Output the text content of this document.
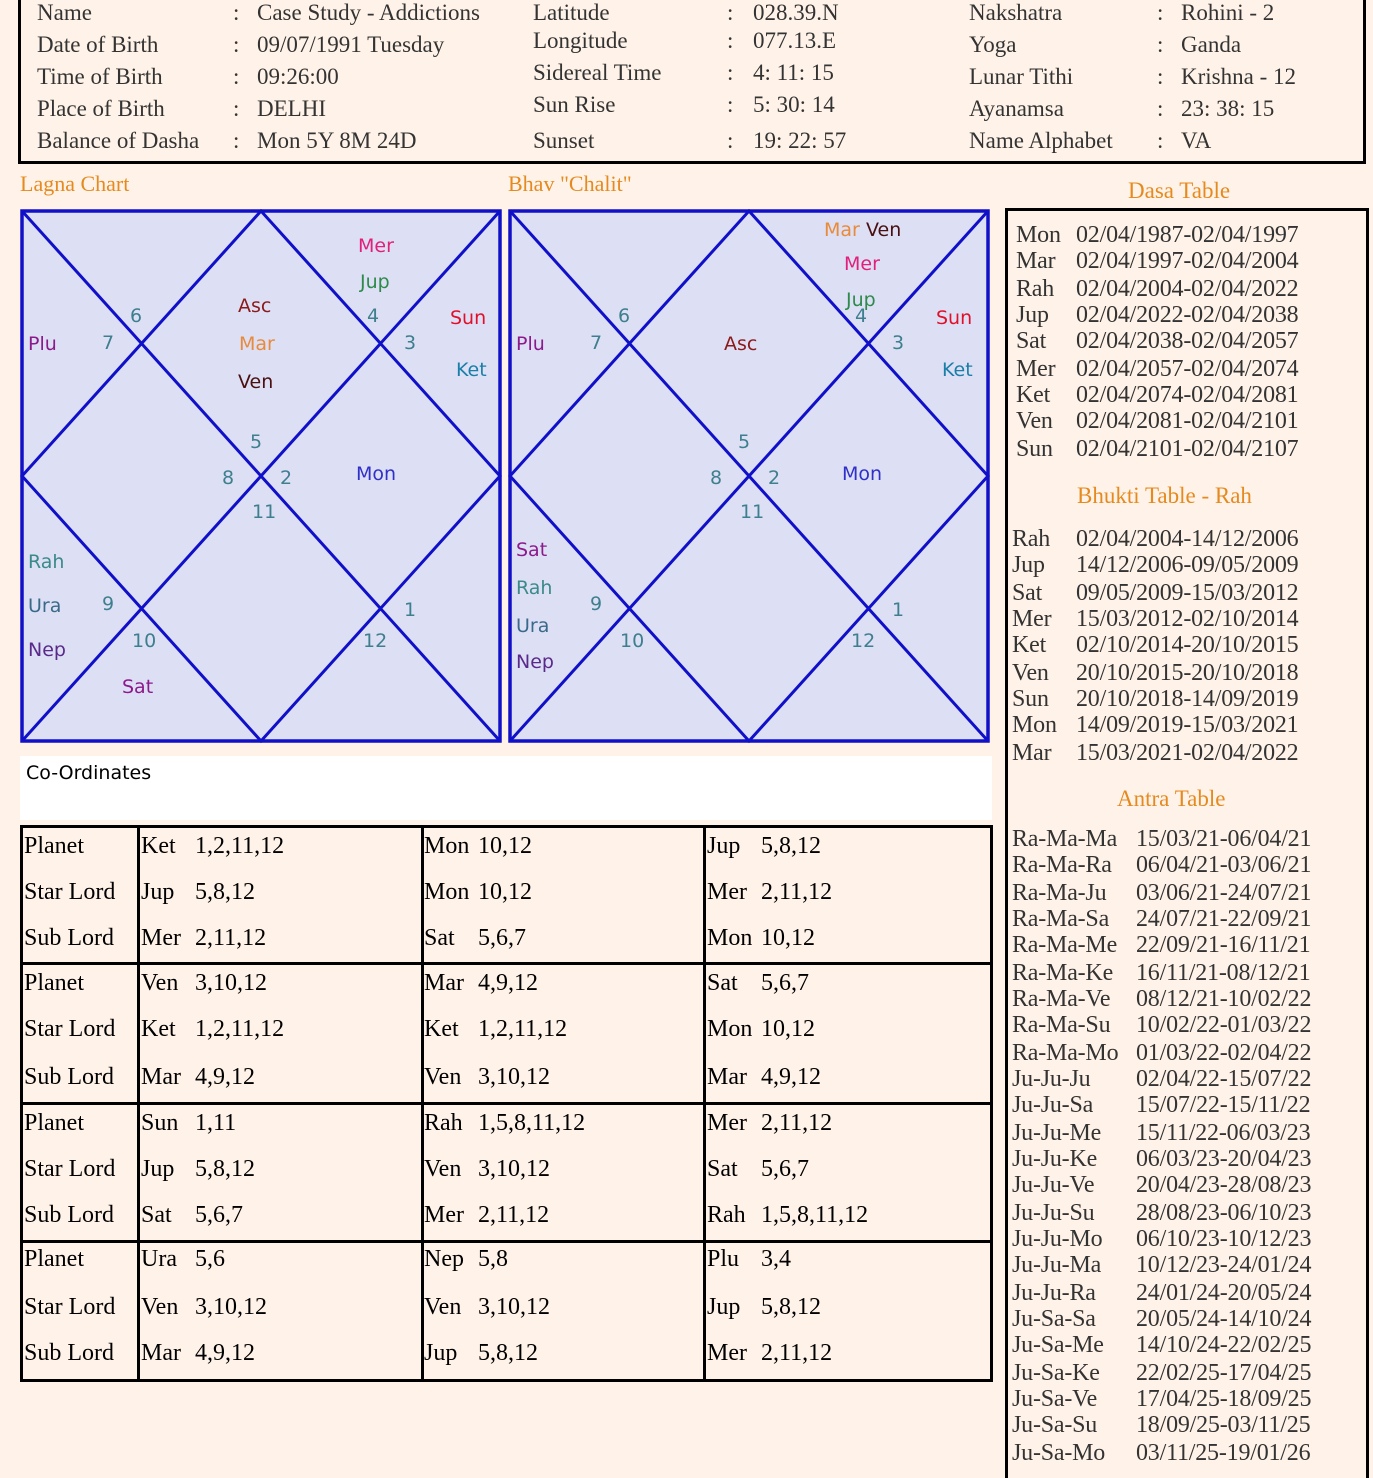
Name	: Case Study - Addictions
Date of Birth	: 09/07/1991 Tuesday
Time of Birth	: 09:26:00
Place of Birth	: DELHI
Balance of Dasha : Mon 5Y 8M 24D
Latitude	: 028.39.N
Longitude	: 077.13.E
Sidereal Time	: 4: 11: 15
Sun Rise	: 5: 30: 14
Sunset	: 19: 22: 57
Nakshatra	: Rohini - 2
Yoga	: Ganda
Lunar Tithi	: Krishna - 12
Ayanamsa	: 23: 38: 15
Name Alphabet : VA
Lagna Chart	Bhav "Chalit"
6
7
4
3
5
8 2
11
9
10	12
1
Mer
Jup
Asc
Mar
Ven
Sun
Ket
Plu
Mon
Rah
Ura
Nep
Sat
6
7
4
3
5
8 2
11
9
10	12
1
Mar Ven
Mer
Jup
Asc
Sun
Ket
Plu
Mon
Sat
Rah
Ura
Nep
Co-Ordinates
Planet Ket 1,2,11,12	Mon 10,12	Jup 5,8,12
Star Lord Jup 5,8,12	Mon 10,12	Mer 2,11,12
Sub Lord Mer 2,11,12	Sat 5,6,7	Mon 10,12
Planet Ven 3,10,12	Mar 4,9,12	Sat 5,6,7
Star Lord Ket 1,2,11,12	Ket 1,2,11,12	Mon 10,12
Sub Lord Mar 4,9,12	Ven 3,10,12	Mar 4,9,12
Planet Sun 1,11	Rah 1,5,8,11,12	Mer 2,11,12
Star Lord Jup 5,8,12	Ven 3,10,12	Sat 5,6,7
Sub Lord Sat 5,6,7	Mer 2,11,12	Rah 1,5,8,11,12
Planet Ura 5,6	Nep 5,8	Plu 3,4
Star Lord Ven 3,10,12	Ven 3,10,12	Jup 5,8,12
Sub Lord Mar 4,9,12	Jup 5,8,12	Mer 2,11,12
Dasa Table
Mon 02/04/1987-02/04/1997
Mar 02/04/1997-02/04/2004
Rah 02/04/2004-02/04/2022
Jup 02/04/2022-02/04/2038
Sat 02/04/2038-02/04/2057
Mer 02/04/2057-02/04/2074
Ket 02/04/2074-02/04/2081
Ven 02/04/2081-02/04/2101
Sun 02/04/2101-02/04/2107
Bhukti Table - Rah
Rah 02/04/2004-14/12/2006
Jup 14/12/2006-09/05/2009
Sat 09/05/2009-15/03/2012
Mer 15/03/2012-02/10/2014
Ket 02/10/2014-20/10/2015
Ven 20/10/2015-20/10/2018
Sun 20/10/2018-14/09/2019
Mon 14/09/2019-15/03/2021
Mar 15/03/2021-02/04/2022
Antra Table
Ra-Ma-Ma 15/03/21-06/04/21
Ra-Ma-Ra 06/04/21-03/06/21
Ra-Ma-Ju 03/06/21-24/07/21
Ra-Ma-Sa 24/07/21-22/09/21
Ra-Ma-Me 22/09/21-16/11/21
Ra-Ma-Ke 16/11/21-08/12/21
Ra-Ma-Ve 08/12/21-10/02/22
Ra-Ma-Su 10/02/22-01/03/22
Ra-Ma-Mo 01/03/22-02/04/22
Ju-Ju-Ju 02/04/22-15/07/22
Ju-Ju-Sa 15/07/22-15/11/22
Ju-Ju-Me 15/11/22-06/03/23
Ju-Ju-Ke 06/03/23-20/04/23
Ju-Ju-Ve 20/04/23-28/08/23
Ju-Ju-Su 28/08/23-06/10/23
Ju-Ju-Mo 06/10/23-10/12/23
Ju-Ju-Ma 10/12/23-24/01/24
Ju-Ju-Ra 24/01/24-20/05/24
Ju-Sa-Sa 20/05/24-14/10/24
Ju-Sa-Me 14/10/24-22/02/25
Ju-Sa-Ke 22/02/25-17/04/25
Ju-Sa-Ve 17/04/25-18/09/25
Ju-Sa-Su 18/09/25-03/11/25
Ju-Sa-Mo 03/11/25-19/01/26
